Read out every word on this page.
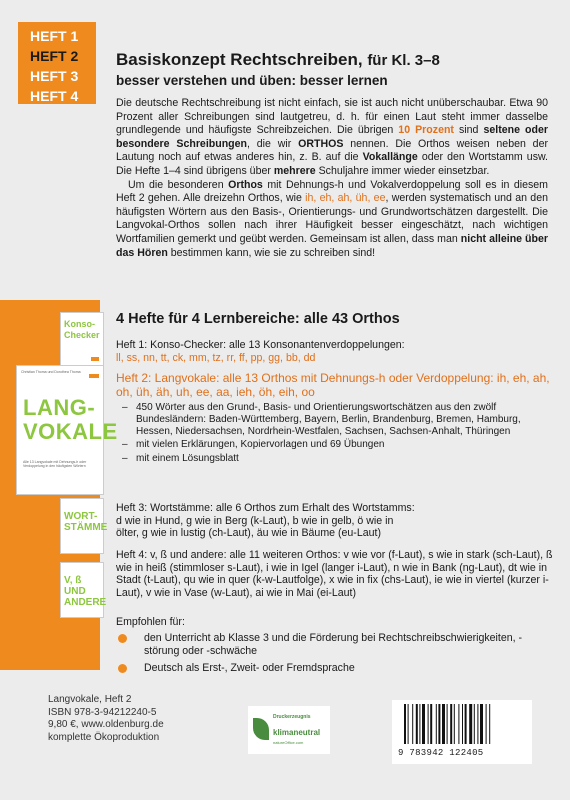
HEFT 1
HEFT 2
HEFT 3
HEFT 4
Basiskonzept Rechtschreiben, für Kl. 3–8
besser verstehen und üben: besser lernen

Die deutsche Rechtschreibung ist nicht einfach, sie ist auch nicht unüberschaubar. Etwa 90 Prozent aller Schreibungen sind lautgetreu, d. h. für einen Laut steht immer dasselbe grundlegende und häufigste Schreibzeichen. Die übrigen 10 Prozent sind seltene oder besondere Schreibungen, die wir ORTHOS nennen. Die Orthos weisen neben der Lautung noch auf etwas anderes hin, z. B. auf die Vokallänge oder den Wortstamm usw. Die Hefte 1–4 sind übrigens über mehrere Schuljahre immer wieder einsetzbar.

Um die besonderen Orthos mit Dehnungs-h und Vokalverdoppelung soll es in diesem Heft 2 gehen. Alle dreizehn Orthos, wie ih, eh, ah, üh, ee, werden systematisch und an den häufigsten Wörtern aus den Basis-, Orientierungs- und Grundwortschätzen dargestellt. Die Langvokal-Orthos sollen nach ihrer Häufigkeit besser eingeschätzt, nach wichtigen Wortfamilien gemerkt und geübt werden. Gemeinsam ist allen, dass man nicht alleine über das Hören bestimmen kann, wie sie zu schreiben sind!

Konso-Checker
Christian Thoma und Dorothea Thoma
LANG-VOKALE
Alle 13 Langvokale mit Dehnungs-h oder Verdoppelung in den häufigsten Wörtern
WORT-STÄMME
V, ß UND ANDERE
4 Hefte für 4 Lernbereiche: alle 43 Orthos
Heft 1: Konso-Checker: alle 13 Konsonantenverdoppelungen:
ll, ss, nn, tt, ck, mm, tz, rr, ff, pp, gg, bb, dd
Heft 2: Langvokale: alle 13 Orthos mit Dehnungs-h oder Verdoppelung: ih, eh, ah, oh, üh, äh, uh, ee, aa, ieh, öh, eih, oo
– 450 Wörter aus den Grund-, Basis- und Orientierungswortschätzen aus den zwölf Bundesländern: Baden-Württemberg, Bayern, Berlin, Brandenburg, Bremen, Hamburg, Hessen, Niedersachsen, Nordrhein-Westfalen, Sachsen, Sachsen-Anhalt, Thüringen
– mit vielen Erklärungen, Kopiervorlagen und 69 Übungen
– mit einem Lösungsblatt
Heft 3: Wortstämme: alle 6 Orthos zum Erhalt des Wortstamms:
d wie in Hund, g wie in Berg (k-Laut), b wie in gelb, ö wie in
ölter, g wie in lustig (ch-Laut), äu wie in Bäume (eu-Laut)
Heft 4: v, ß und andere: alle 11 weiteren Orthos: v wie vor (f-Laut), s wie in stark (sch-Laut), ß wie in heiß (stimmloser s-Laut), i wie in Igel (langer i-Laut), n wie in Bank (ng-Laut), dt wie in Stadt (t-Laut), qu wie in quer (k-w-Lautfolge), x wie in fix (chs-Laut), ie wie in viertel (kurzer i-Laut), v wie in Vase (w-Laut), ai wie in Mai (ei-Laut)
Empfohlen für:
den Unterricht ab Klasse 3 und die Förderung bei Rechtschreibschwierigkeiten, -störung oder -schwäche
Deutsch als Erst-, Zweit- oder Fremdsprache
Langvokale, Heft 2
ISBN 978-3-94212240-5
9,80 €, www.oldenburg.de
komplette Ökoproduktion
Druckerzeugnis
klimaneutral
natureOffice.com
9 783942 122405
